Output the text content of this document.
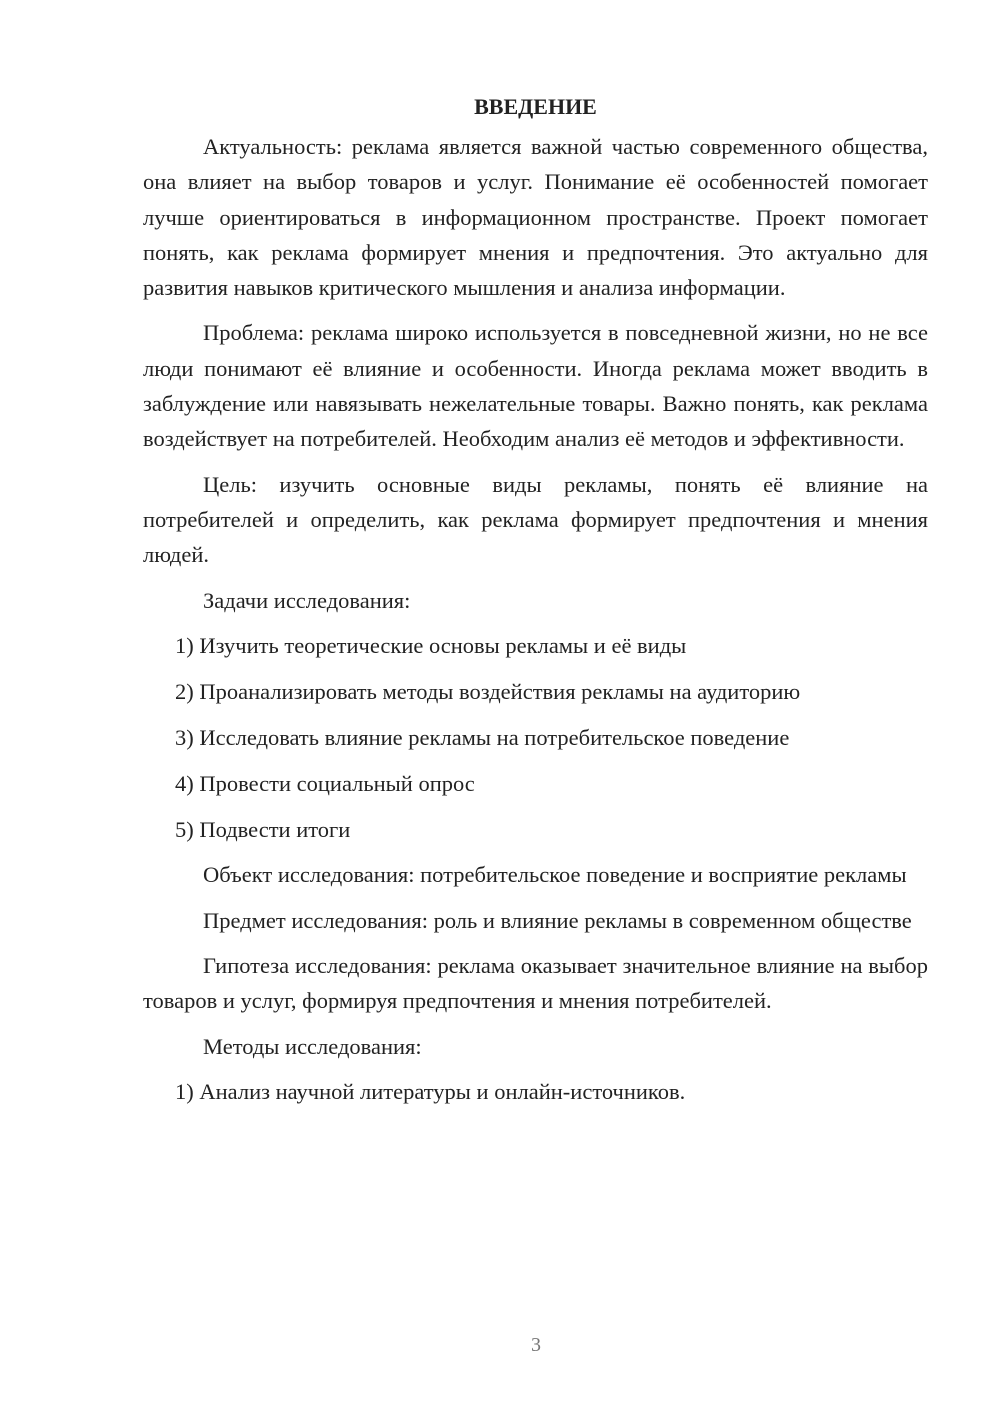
ВВЕДЕНИЕ

Актуальность: реклама является важной частью современного общества, она влияет на выбор товаров и услуг. Понимание её особенностей помогает лучше ориентироваться в информационном пространстве. Проект помогает понять, как реклама формирует мнения и предпочтения. Это актуально для развития навыков критического мышления и анализа информации.

Проблема: реклама широко используется в повседневной жизни, но не все люди понимают её влияние и особенности. Иногда реклама может вводить в заблуждение или навязывать нежелательные товары. Важно понять, как реклама воздействует на потребителей. Необходим анализ её методов и эффективности.

Цель: изучить основные виды рекламы, понять её влияние на потребителей и определить, как реклама формирует предпочтения и мнения людей.

Задачи исследования:
1) Изучить теоретические основы рекламы и её виды
2) Проанализировать методы воздействия рекламы на аудиторию
3) Исследовать влияние рекламы на потребительское поведение
4) Провести социальный опрос
5) Подвести итоги

Объект исследования: потребительское поведение и восприятие рекламы

Предмет исследования: роль и влияние рекламы в современном обществе

Гипотеза исследования: реклама оказывает значительное влияние на выбор товаров и услуг, формируя предпочтения и мнения потребителей.

Методы исследования:
1) Анализ научной литературы и онлайн-источников.
3
